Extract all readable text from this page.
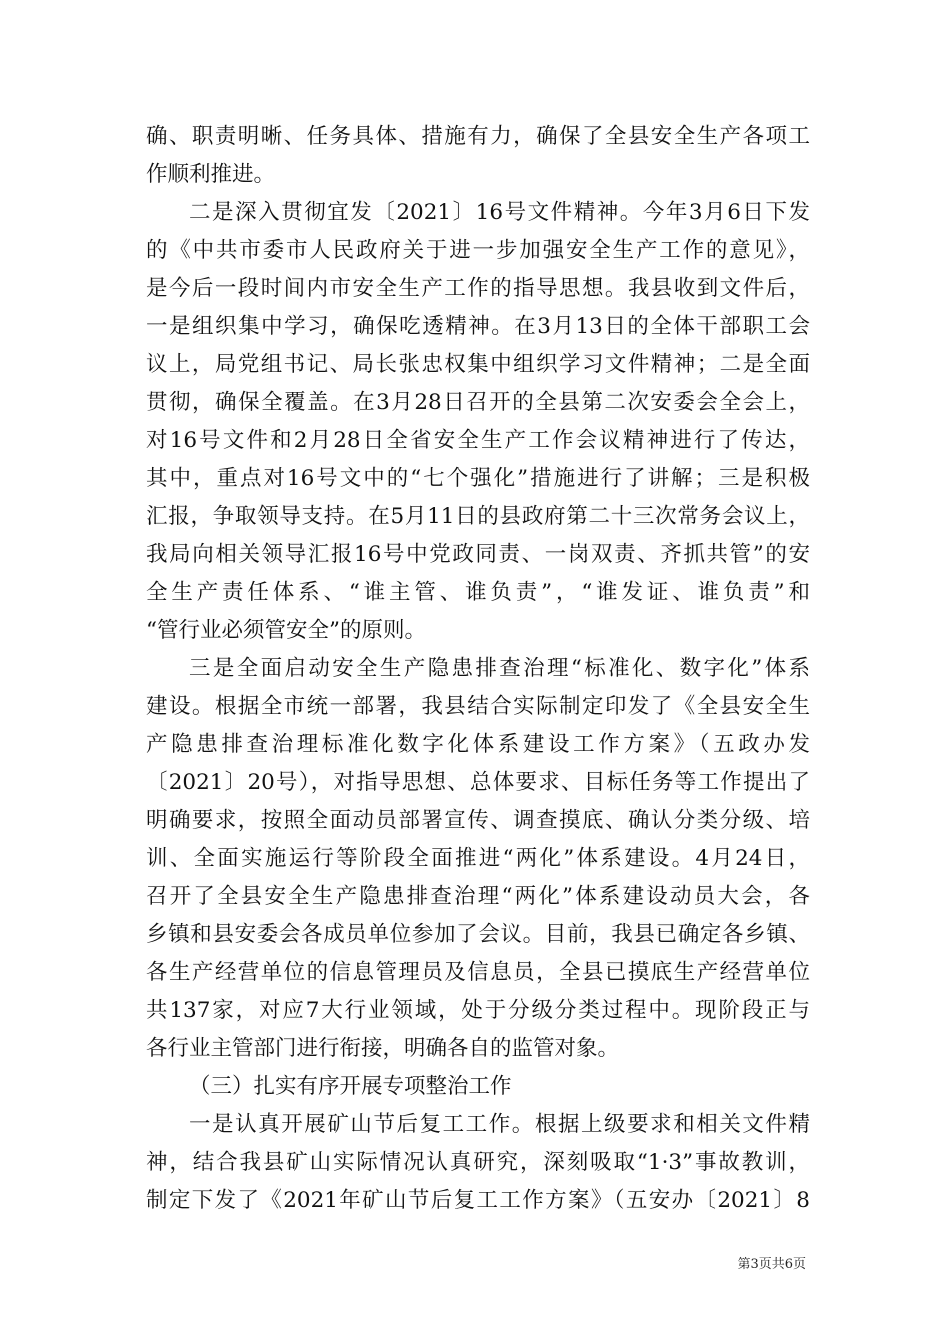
确、职责明晰、任务具体、措施有力，确保了全县安全生产各项工
作顺利推进。
二是深入贯彻宜发〔2021〕16号文件精神。今年3月6日下发
的《中共市委市人民政府关于进一步加强安全生产工作的意见》，
是今后一段时间内市安全生产工作的指导思想。我县收到文件后，
一是组织集中学习，确保吃透精神。在3月13日的全体干部职工会
议上，局党组书记、局长张忠权集中组织学习文件精神；二是全面
贯彻，确保全覆盖。在3月28日召开的全县第二次安委会全会上，
对16号文件和2月28日全省安全生产工作会议精神进行了传达，
其中，重点对16号文中的“七个强化”措施进行了讲解；三是积极
汇报，争取领导支持。在5月11日的县政府第二十三次常务会议上，
我局向相关领导汇报16号中党政同责、一岗双责、齐抓共管”的安
全生产责任体系、“谁主管、谁负责”，“谁发证、谁负责”和
“管行业必须管安全”的原则。
三是全面启动安全生产隐患排查治理“标准化、数字化”体系
建设。根据全市统一部署，我县结合实际制定印发了《全县安全生
产隐患排查治理标准化数字化体系建设工作方案》（五政办发
〔2021〕20号），对指导思想、总体要求、目标任务等工作提出了
明确要求，按照全面动员部署宣传、调查摸底、确认分类分级、培
训、全面实施运行等阶段全面推进“两化”体系建设。4月24日，
召开了全县安全生产隐患排查治理“两化”体系建设动员大会，各
乡镇和县安委会各成员单位参加了会议。目前，我县已确定各乡镇、
各生产经营单位的信息管理员及信息员，全县已摸底生产经营单位
共137家，对应7大行业领域，处于分级分类过程中。现阶段正与
各行业主管部门进行衔接，明确各自的监管对象。
（三）扎实有序开展专项整治工作
一是认真开展矿山节后复工工作。根据上级要求和相关文件精
神，结合我县矿山实际情况认真研究，深刻吸取“1·3”事故教训，
制定下发了《2021年矿山节后复工工作方案》（五安办〔2021〕8
第3页共6页
